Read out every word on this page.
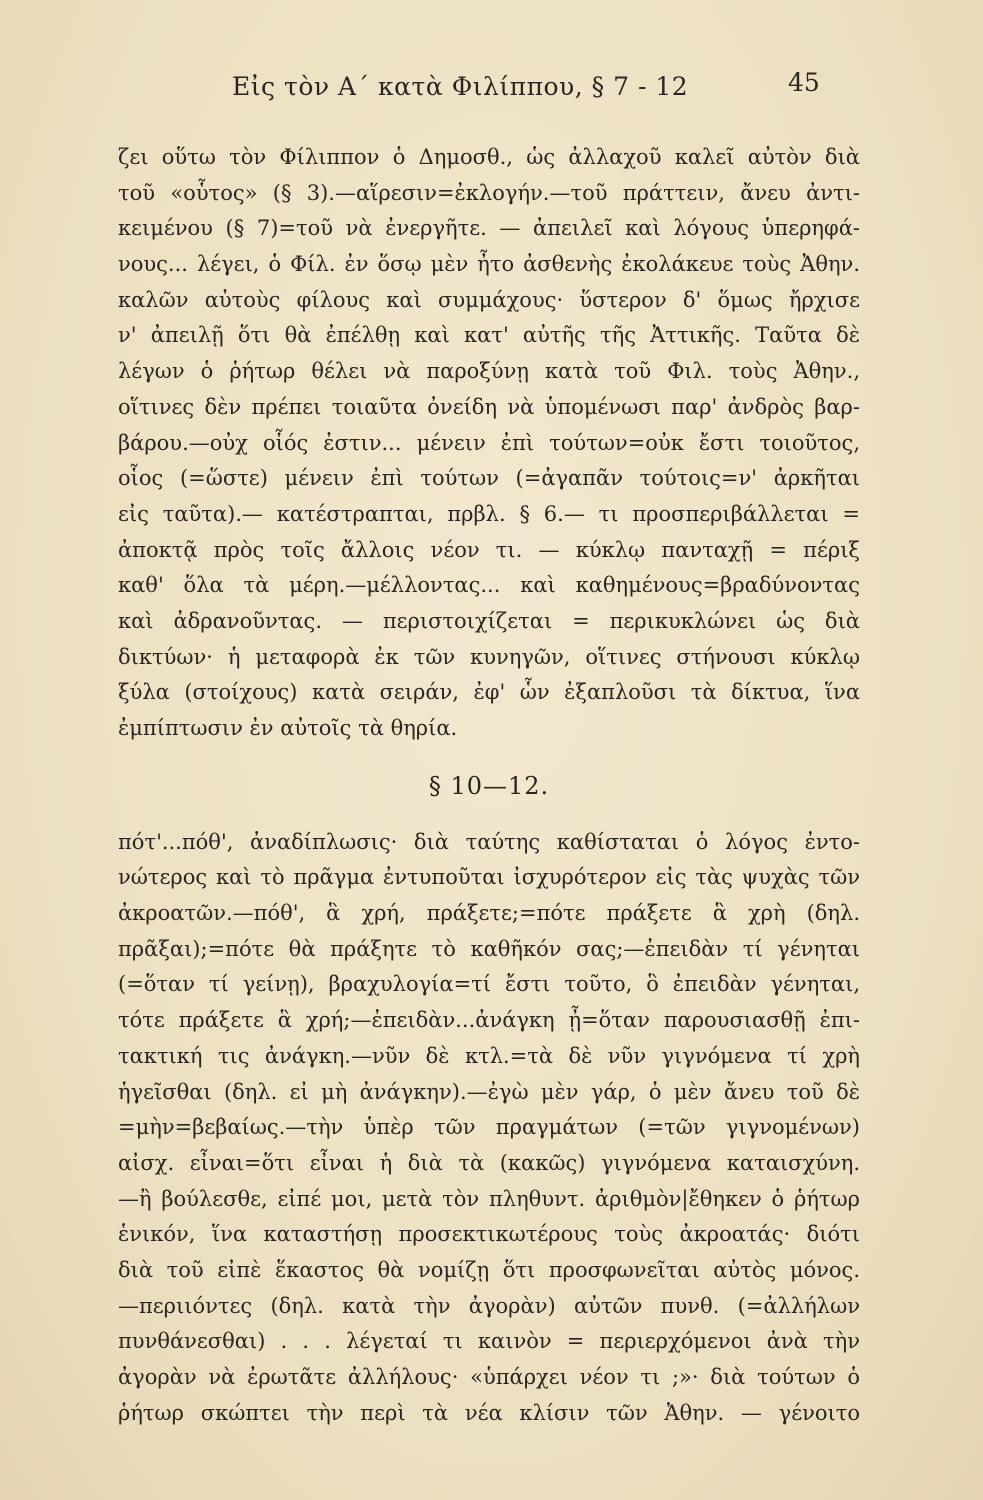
Εἰς τὸν Α΄ κατὰ Φιλίππου, § 7 - 12	45
ζει οὕτω τὸν Φίλιππον ὁ Δημοσθ., ὡς ἀλλαχοῦ καλεῖ αὐτὸν διὰ
τοῦ «οὗτος» (§ 3).—αἵρεσιν=ἐκλογήν.—τοῦ πράττειν, ἄνευ ἀντι-
κειμένου (§ 7)=τοῦ νὰ ἐνεργῆτε. — ἀπειλεῖ καὶ λόγους ὑπερηφά-
νους... λέγει, ὁ Φίλ. ἐν ὅσῳ μὲν ἦτο ἀσθενὴς ἐκολάκευε τοὺς Ἀθην.
καλῶν αὐτοὺς φίλους καὶ συμμάχους· ὕστερον δ' ὅμως ἤρχισε
ν' ἀπειλῇ ὅτι θὰ ἐπέλθῃ καὶ κατ' αὐτῆς τῆς Ἀττικῆς. Ταῦτα δὲ
λέγων ὁ ῥήτωρ θέλει νὰ παροξύνῃ κατὰ τοῦ Φιλ. τοὺς Ἀθην.,
οἵτινες δὲν πρέπει τοιαῦτα ὀνείδη νὰ ὑπομένωσι παρ' ἀνδρὸς βαρ-
βάρου.—οὐχ οἷός ἐστιν... μένειν ἐπὶ τούτων=οὐκ ἔστι τοιοῦτος,
οἷος (=ὥστε) μένειν ἐπὶ τούτων (=ἀγαπᾶν τούτοις=ν' ἀρκῆται
εἰς ταῦτα).— κατέστραπται, πρβλ. § 6.— τι προσπεριβάλλεται =
ἀποκτᾷ πρὸς τοῖς ἄλλοις νέον τι. — κύκλῳ πανταχῇ = πέριξ
καθ' ὅλα τὰ μέρη.—μέλλοντας... καὶ καθημένους=βραδύνοντας
καὶ ἀδρανοῦντας. — περιστοιχίζεται = περικυκλώνει ὡς διὰ
δικτύων· ἡ μεταφορὰ ἐκ τῶν κυνηγῶν, οἵτινες στήνουσι κύκλῳ
ξύλα (στοίχους) κατὰ σειράν, ἐφ' ὧν ἐξαπλοῦσι τὰ δίκτυα, ἵνα
ἐμπίπτωσιν ἐν αὐτοῖς τὰ θηρία.
§ 10—12.
πότ'...πόθ', ἀναδίπλωσις· διὰ ταύτης καθίσταται ὁ λόγος ἐντο-
νώτερος καὶ τὸ πρᾶγμα ἐντυποῦται ἰσχυρότερον εἰς τὰς ψυχὰς τῶν
ἀκροατῶν.—πόθ', ἃ χρή, πράξετε;=πότε πράξετε ἃ χρὴ (δηλ.
πρᾶξαι);=πότε θὰ πράξητε τὸ καθῆκόν σας;—ἐπειδὰν τί γένηται
(=ὅταν τί γείνῃ), βραχυλογία=τί ἔστι τοῦτο, ὃ ἐπειδὰν γένηται,
τότε πράξετε ἃ χρή;—ἐπειδὰν...ἀνάγκη ᾖ=ὅταν παρουσιασθῇ ἐπι-
τακτική τις ἀνάγκη.—νῦν δὲ κτλ.=τὰ δὲ νῦν γιγνόμενα τί χρὴ
ἡγεῖσθαι (δηλ. εἰ μὴ ἀνάγκην).—ἐγὼ μὲν γάρ, ὁ μὲν ἄνευ τοῦ δὲ
=μὴν=βεβαίως.—τὴν ὑπὲρ τῶν πραγμάτων (=τῶν γιγνομένων)
αἰσχ. εἶναι=ὅτι εἶναι ἡ διὰ τὰ (κακῶς) γιγνόμενα καταισχύνη.
—ἢ βούλεσθε, εἰπέ μοι, μετὰ τὸν πληθυντ. ἀριθμὸν|ἔθηκεν ὁ ῥήτωρ
ἑνικόν, ἵνα καταστήσῃ προσεκτικωτέρους τοὺς ἀκροατάς· διότι
διὰ τοῦ εἰπὲ ἕκαστος θὰ νομίζῃ ὅτι προσφωνεῖται αὐτὸς μόνος.
—περιιόντες (δηλ. κατὰ τὴν ἀγορὰν) αὐτῶν πυνθ. (=ἀλλήλων
πυνθάνεσθαι) . . . λέγεταί τι καινὸν = περιερχόμενοι ἀνὰ τὴν
ἀγορὰν νὰ ἐρωτᾶτε ἀλλήλους· «ὑπάρχει νέον τι ;»· διὰ τούτων ὁ
ῥήτωρ σκώπτει τὴν περὶ τὰ νέα κλίσιν τῶν Ἀθην. — γένοιτο
